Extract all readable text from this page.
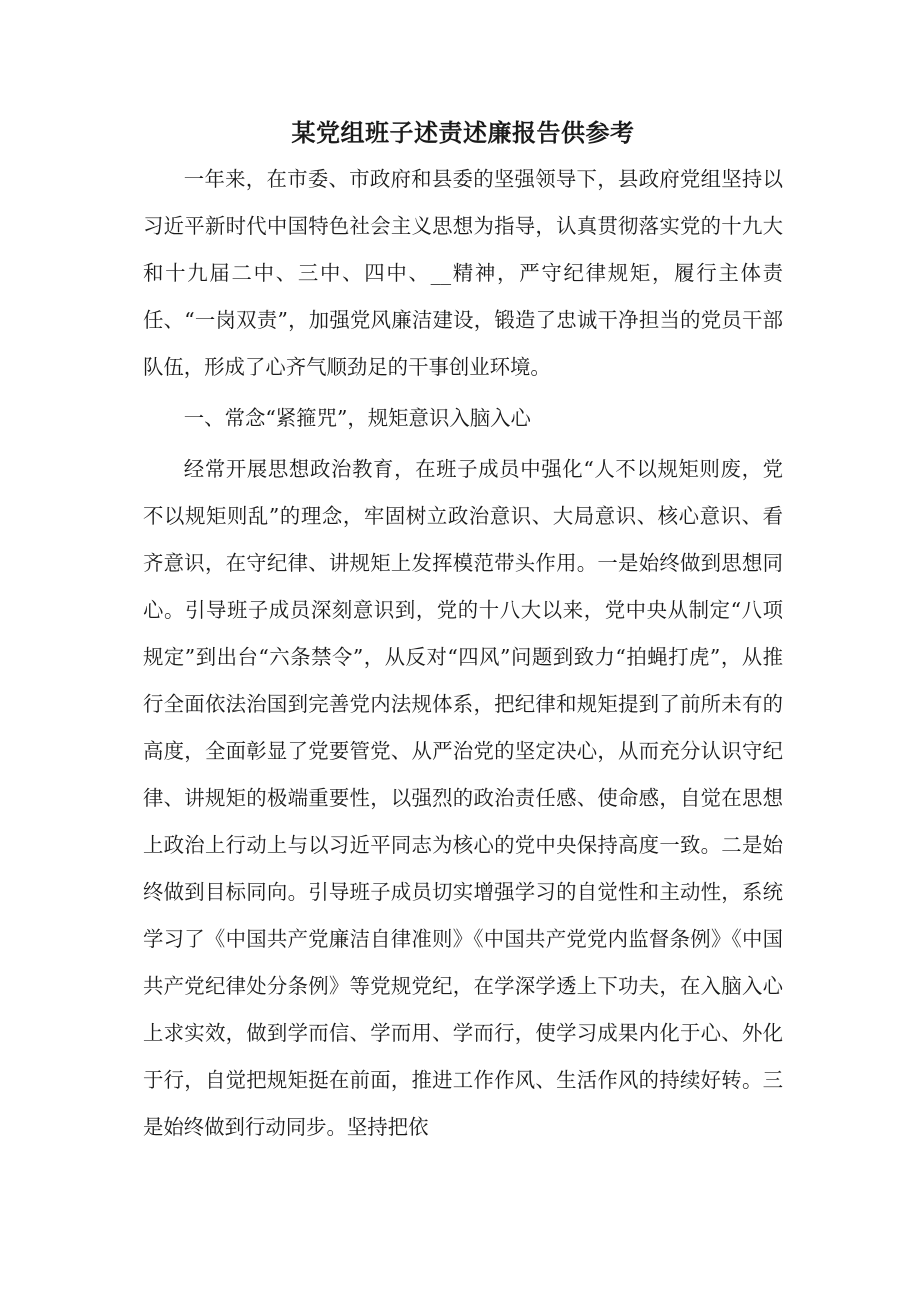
某党组班子述责述廉报告供参考

一年来，在市委、市政府和县委的坚强领导下，县政府党组坚持以习近平新时代中国特色社会主义思想为指导，认真贯彻落实党的十九大和十九届二中、三中、四中、__精神，严守纪律规矩，履行主体责任、“一岗双责”，加强党风廉洁建设，锻造了忠诚干净担当的党员干部队伍，形成了心齐气顺劲足的干事创业环境。

一、常念“紧箍咒”，规矩意识入脑入心

经常开展思想政治教育，在班子成员中强化“人不以规矩则废，党不以规矩则乱”的理念，牢固树立政治意识、大局意识、核心意识、看齐意识，在守纪律、讲规矩上发挥模范带头作用。一是始终做到思想同心。引导班子成员深刻意识到，党的十八大以来，党中央从制定“八项规定”到出台“六条禁令”，从反对“四风”问题到致力“拍蝇打虎”，从推行全面依法治国到完善党内法规体系，把纪律和规矩提到了前所未有的高度，全面彰显了党要管党、从严治党的坚定决心，从而充分认识守纪律、讲规矩的极端重要性，以强烈的政治责任感、使命感，自觉在思想上政治上行动上与以习近平同志为核心的党中央保持高度一致。二是始终做到目标同向。引导班子成员切实增强学习的自觉性和主动性，系统学习了《中国共产党廉洁自律准则》《中国共产党党内监督条例》《中国共产党纪律处分条例》等党规党纪，在学深学透上下功夫，在入脑入心上求实效，做到学而信、学而用、学而行，使学习成果内化于心、外化于行，自觉把规矩挺在前面，推进工作作风、生活作风的持续好转。三是始终做到行动同步。坚持把依
